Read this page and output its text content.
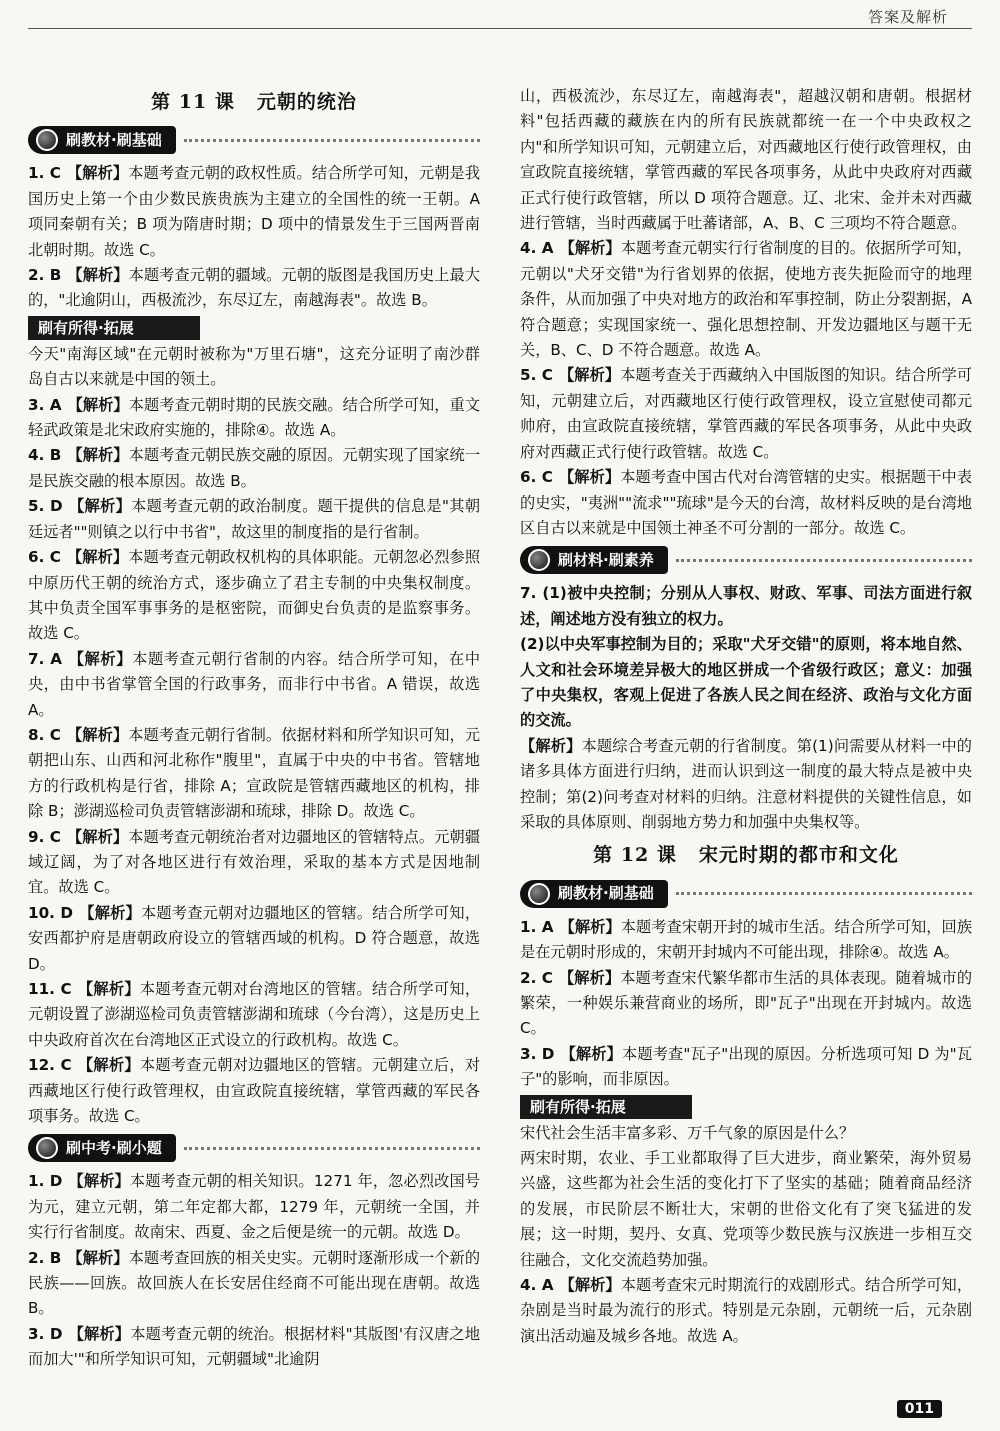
答案及解析
第 11 课 元朝的统治
刷教材·刷基础

1. C 【解析】本题考查元朝的政权性质。结合所学可知，元朝是我国历史上第一个由少数民族贵族为主建立的全国性的统一王朝。A 项同秦朝有关；B 项为隋唐时期；D 项中的情景发生于三国两晋南北朝时期。故选 C。

2. B 【解析】本题考查元朝的疆域。元朝的版图是我国历史上最大的，"北逾阴山，西极流沙，东尽辽左，南越海表"。故选 B。

刷有所得·拓展

今天"南海区域"在元朝时被称为"万里石塘"，这充分证明了南沙群岛自古以来就是中国的领土。

3. A 【解析】本题考查元朝时期的民族交融。结合所学可知，重文轻武政策是北宋政府实施的，排除④。故选 A。

4. B 【解析】本题考查元朝民族交融的原因。元朝实现了国家统一是民族交融的根本原因。故选 B。

5. D 【解析】本题考查元朝的政治制度。题干提供的信息是"其朝廷远者""则镇之以行中书省"，故这里的制度指的是行省制。

6. C 【解析】本题考查元朝政权机构的具体职能。元朝忽必烈参照中原历代王朝的统治方式，逐步确立了君主专制的中央集权制度。其中负责全国军事事务的是枢密院，而御史台负责的是监察事务。故选 C。

7. A 【解析】本题考查元朝行省制的内容。结合所学可知，在中央，由中书省掌管全国的行政事务，而非行中书省。A 错误，故选 A。

8. C 【解析】本题考查元朝行省制。依据材料和所学知识可知，元朝把山东、山西和河北称作"腹里"，直属于中央的中书省。管辖地方的行政机构是行省，排除 A；宣政院是管辖西藏地区的机构，排除 B；澎湖巡检司负责管辖澎湖和琉球，排除 D。故选 C。

9. C 【解析】本题考查元朝统治者对边疆地区的管辖特点。元朝疆域辽阔，为了对各地区进行有效治理，采取的基本方式是因地制宜。故选 C。

10. D 【解析】本题考查元朝对边疆地区的管辖。结合所学可知，安西都护府是唐朝政府设立的管辖西域的机构。D 符合题意，故选 D。

11. C 【解析】本题考查元朝对台湾地区的管辖。结合所学可知，元朝设置了澎湖巡检司负责管辖澎湖和琉球（今台湾），这是历史上中央政府首次在台湾地区正式设立的行政机构。故选 C。

12. C 【解析】本题考查元朝对边疆地区的管辖。元朝建立后，对西藏地区行使行政管理权，由宣政院直接统辖，掌管西藏的军民各项事务。故选 C。

刷中考·刷小题

1. D 【解析】本题考查元朝的相关知识。1271 年，忽必烈改国号为元，建立元朝，第二年定都大都，1279 年，元朝统一全国，并实行行省制度。故南宋、西夏、金之后便是统一的元朝。故选 D。

2. B 【解析】本题考查回族的相关史实。元朝时逐渐形成一个新的民族——回族。故回族人在长安居住经商不可能出现在唐朝。故选 B。

3. D 【解析】本题考查元朝的统治。根据材料"其版图'有汉唐之地而加大'"和所学知识可知，元朝疆域"北逾阴

山，西极流沙，东尽辽左，南越海表"，超越汉朝和唐朝。根据材料"包括西藏的藏族在内的所有民族就都统一在一个中央政权之内"和所学知识可知，元朝建立后，对西藏地区行使行政管理权，由宣政院直接统辖，掌管西藏的军民各项事务，从此中央政府对西藏正式行使行政管辖，所以 D 项符合题意。辽、北宋、金并未对西藏进行管辖，当时西藏属于吐蕃诸部，A、B、C 三项均不符合题意。

4. A 【解析】本题考查元朝实行行省制度的目的。依据所学可知，元朝以"犬牙交错"为行省划界的依据，使地方丧失扼险而守的地理条件，从而加强了中央对地方的政治和军事控制，防止分裂割据，A 符合题意；实现国家统一、强化思想控制、开发边疆地区与题干无关，B、C、D 不符合题意。故选 A。

5. C 【解析】本题考查关于西藏纳入中国版图的知识。结合所学可知，元朝建立后，对西藏地区行使行政管理权，设立宣慰使司都元帅府，由宣政院直接统辖，掌管西藏的军民各项事务，从此中央政府对西藏正式行使行政管辖。故选 C。

6. C 【解析】本题考查中国古代对台湾管辖的史实。根据题干中表的史实，"夷洲""流求""琉球"是今天的台湾，故材料反映的是台湾地区自古以来就是中国领土神圣不可分割的一部分。故选 C。

刷材料·刷素养

7. (1)被中央控制；分别从人事权、财政、军事、司法方面进行叙述，阐述地方没有独立的权力。

(2)以中央军事控制为目的；采取"犬牙交错"的原则，将本地自然、人文和社会环境差异极大的地区拼成一个省级行政区；意义：加强了中央集权，客观上促进了各族人民之间在经济、政治与文化方面的交流。

【解析】本题综合考查元朝的行省制度。第(1)问需要从材料一中的诸多具体方面进行归纳，进而认识到这一制度的最大特点是被中央控制；第(2)问考查对材料的归纳。注意材料提供的关键性信息，如采取的具体原则、削弱地方势力和加强中央集权等。

第 12 课 宋元时期的都市和文化
刷教材·刷基础

1. A 【解析】本题考查宋朝开封的城市生活。结合所学可知，回族是在元朝时形成的，宋朝开封城内不可能出现，排除④。故选 A。

2. C 【解析】本题考查宋代繁华都市生活的具体表现。随着城市的繁荣，一种娱乐兼营商业的场所，即"瓦子"出现在开封城内。故选 C。

3. D 【解析】本题考查"瓦子"出现的原因。分析选项可知 D 为"瓦子"的影响，而非原因。

刷有所得·拓展

宋代社会生活丰富多彩、万千气象的原因是什么？

两宋时期，农业、手工业都取得了巨大进步，商业繁荣，海外贸易兴盛，这些都为社会生活的变化打下了坚实的基础；随着商品经济的发展，市民阶层不断壮大，宋朝的世俗文化有了突飞猛进的发展；这一时期，契丹、女真、党项等少数民族与汉族进一步相互交往融合，文化交流趋势加强。

4. A 【解析】本题考查宋元时期流行的戏剧形式。结合所学可知，杂剧是当时最为流行的形式。特别是元杂剧，元朝统一后，元杂剧演出活动遍及城乡各地。故选 A。

011
